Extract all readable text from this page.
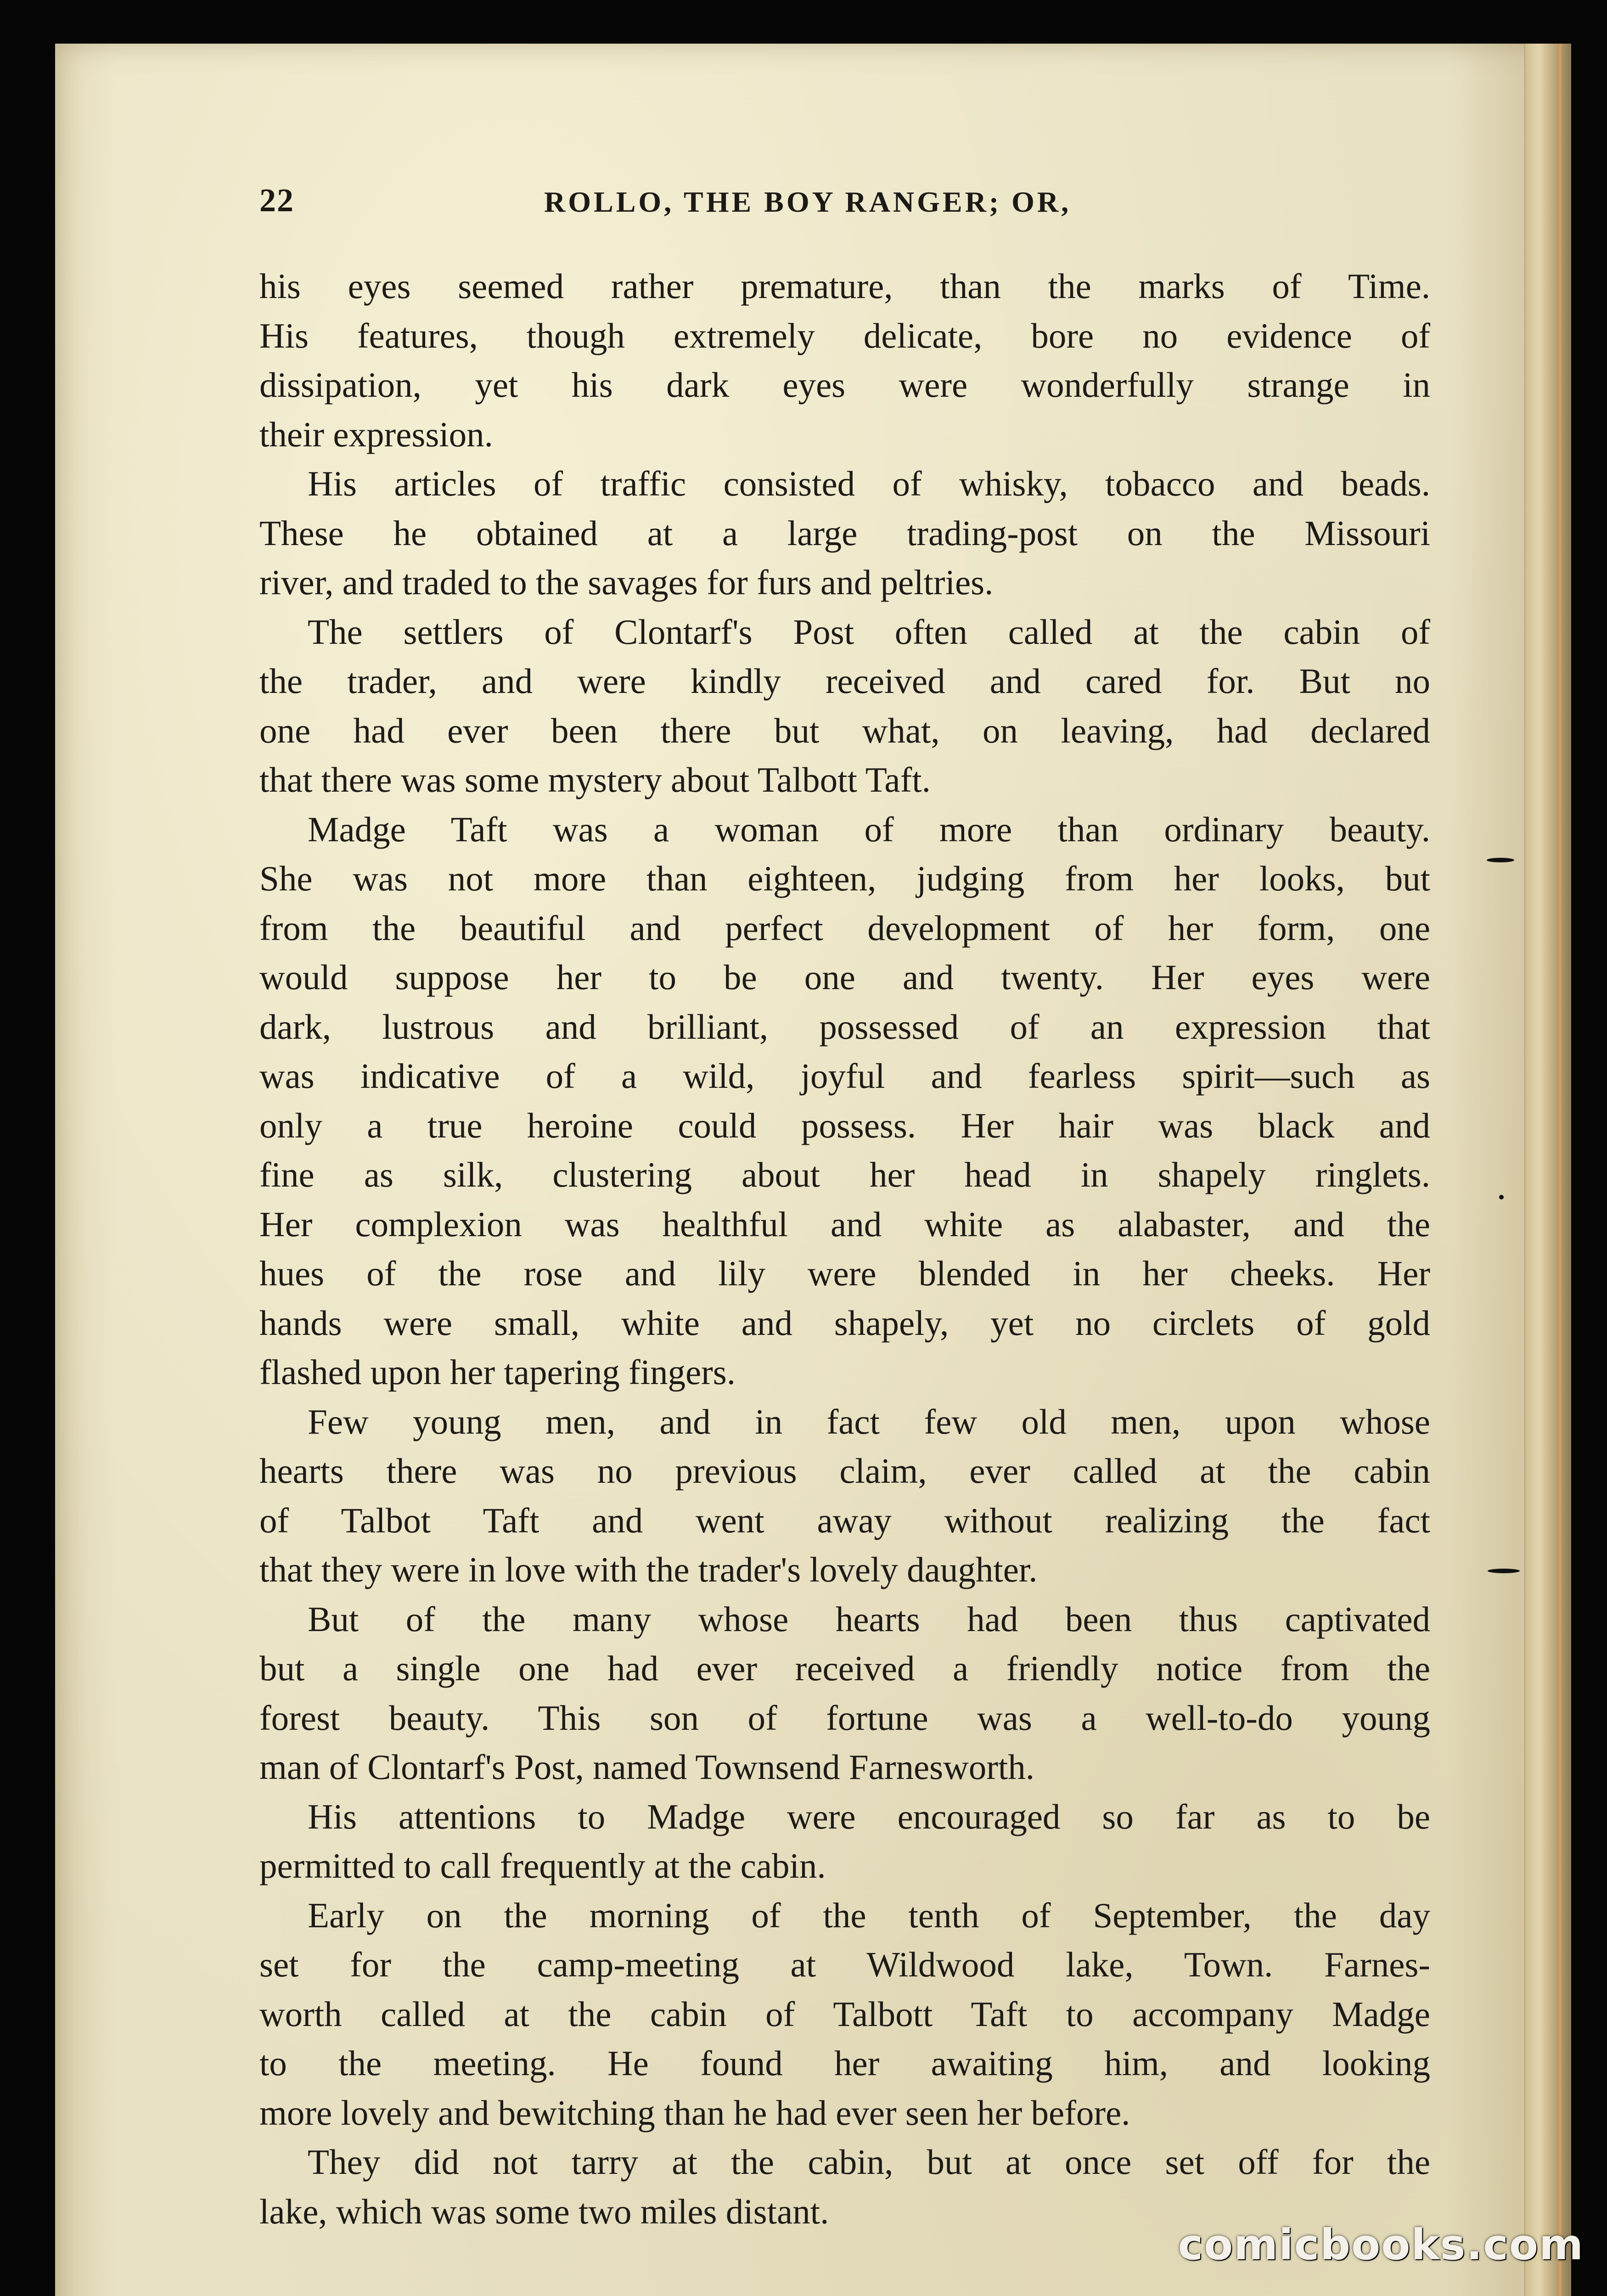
22	ROLLO, THE BOY RANGER; OR,
his eyes seemed rather premature, than the marks of Time.
His features, though extremely delicate, bore no evidence of
dissipation, yet his dark eyes were wonderfully strange in
their expression.
His articles of traffic consisted of whisky, tobacco and beads.
These he obtained at a large trading-post on the Missouri
river, and traded to the savages for furs and peltries.
The settlers of Clontarf's Post often called at the cabin of
the trader, and were kindly received and cared for. But no
one had ever been there but what, on leaving, had declared
that there was some mystery about Talbott Taft.
Madge Taft was a woman of more than ordinary beauty.
She was not more than eighteen, judging from her looks, but
from the beautiful and perfect development of her form, one
would suppose her to be one and twenty. Her eyes were
dark, lustrous and brilliant, possessed of an expression that
was indicative of a wild, joyful and fearless spirit—such as
only a true heroine could possess. Her hair was black and
fine as silk, clustering about her head in shapely ringlets.
Her complexion was healthful and white as alabaster, and the
hues of the rose and lily were blended in her cheeks. Her
hands were small, white and shapely, yet no circlets of gold
flashed upon her tapering fingers.
Few young men, and in fact few old men, upon whose
hearts there was no previous claim, ever called at the cabin
of Talbot Taft and went away without realizing the fact
that they were in love with the trader's lovely daughter.
But of the many whose hearts had been thus captivated
but a single one had ever received a friendly notice from the
forest beauty. This son of fortune was a well-to-do young
man of Clontarf's Post, named Townsend Farnesworth.
His attentions to Madge were encouraged so far as to be
permitted to call frequently at the cabin.
Early on the morning of the tenth of September, the day
set for the camp-meeting at Wildwood lake, Town. Farnes-
worth called at the cabin of Talbott Taft to accompany Madge
to the meeting. He found her awaiting him, and looking
more lovely and bewitching than he had ever seen her before.
They did not tarry at the cabin, but at once set off for the
lake, which was some two miles distant.
comicbooks.com
